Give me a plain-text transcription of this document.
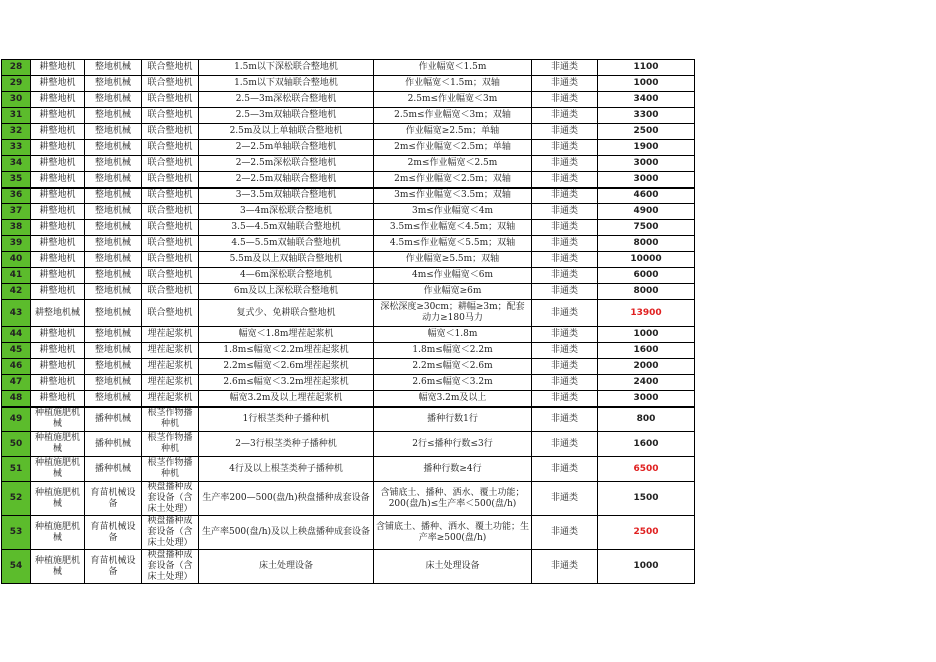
28	耕整地机	整地机械	联合整地机	1.5m以下深松联合整地机	作业幅宽＜1.5m	非通类	1100
29	耕整地机	整地机械	联合整地机	1.5m以下双轴联合整地机	作业幅宽＜1.5m；双轴	非通类	1000
30	耕整地机	整地机械	联合整地机	2.5—3m深松联合整地机	2.5m≤作业幅宽＜3m	非通类	3400
31	耕整地机	整地机械	联合整地机	2.5—3m双轴联合整地机	2.5m≤作业幅宽＜3m；双轴	非通类	3300
32	耕整地机	整地机械	联合整地机	2.5m及以上单轴联合整地机	作业幅宽≥2.5m；单轴	非通类	2500
33	耕整地机	整地机械	联合整地机	2—2.5m单轴联合整地机	2m≤作业幅宽＜2.5m；单轴	非通类	1900
34	耕整地机	整地机械	联合整地机	2—2.5m深松联合整地机	2m≤作业幅宽＜2.5m	非通类	3000
35	耕整地机	整地机械	联合整地机	2—2.5m双轴联合整地机	2m≤作业幅宽＜2.5m；双轴	非通类	3000
36	耕整地机	整地机械	联合整地机	3—3.5m双轴联合整地机	3m≤作业幅宽＜3.5m；双轴	非通类	4600
37	耕整地机	整地机械	联合整地机	3—4m深松联合整地机	3m≤作业幅宽＜4m	非通类	4900
38	耕整地机	整地机械	联合整地机	3.5—4.5m双轴联合整地机	3.5m≤作业幅宽＜4.5m；双轴	非通类	7500
39	耕整地机	整地机械	联合整地机	4.5—5.5m双轴联合整地机	4.5m≤作业幅宽＜5.5m；双轴	非通类	8000
40	耕整地机	整地机械	联合整地机	5.5m及以上双轴联合整地机	作业幅宽≥5.5m；双轴	非通类	10000
41	耕整地机	整地机械	联合整地机	4—6m深松联合整地机	4m≤作业幅宽＜6m	非通类	6000
42	耕整地机	整地机械	联合整地机	6m及以上深松联合整地机	作业幅宽≥6m	非通类	8000
43	耕整地机械	整地机械	联合整地机	复式少、免耕联合整地机	深松深度≥30cm；耕幅≥3m；配套动力≥180马力	非通类	13900
44	耕整地机	整地机械	埋茬起浆机	幅宽＜1.8m埋茬起浆机	幅宽＜1.8m	非通类	1000
45	耕整地机	整地机械	埋茬起浆机	1.8m≤幅宽＜2.2m埋茬起浆机	1.8m≤幅宽＜2.2m	非通类	1600
46	耕整地机	整地机械	埋茬起浆机	2.2m≤幅宽＜2.6m埋茬起浆机	2.2m≤幅宽＜2.6m	非通类	2000
47	耕整地机	整地机械	埋茬起浆机	2.6m≤幅宽＜3.2m埋茬起浆机	2.6m≤幅宽＜3.2m	非通类	2400
48	耕整地机	整地机械	埋茬起浆机	幅宽3.2m及以上埋茬起浆机	幅宽3.2m及以上	非通类	3000
49	种植施肥机械	播种机械	根茎作物播种机	1行根茎类种子播种机	播种行数1行	非通类	800
50	种植施肥机械	播种机械	根茎作物播种机	2—3行根茎类种子播种机	2行≤播种行数≤3行	非通类	1600
51	种植施肥机械	播种机械	根茎作物播种机	4行及以上根茎类种子播种机	播种行数≥4行	非通类	6500
52	种植施肥机械	育苗机械设备	秧盘播种成套设备（含床土处理）	生产率200—500(盘/h)秧盘播种成套设备	含铺底土、播种、洒水、覆土功能；200(盘/h)≤生产率＜500(盘/h)	非通类	1500
53	种植施肥机械	育苗机械设备	秧盘播种成套设备（含床土处理）	生产率500(盘/h)及以上秧盘播种成套设备	含铺底土、播种、洒水、覆土功能；生产率≥500(盘/h)	非通类	2500
54	种植施肥机械	育苗机械设备	秧盘播种成套设备（含床土处理）	床土处理设备	床土处理设备	非通类	1000
